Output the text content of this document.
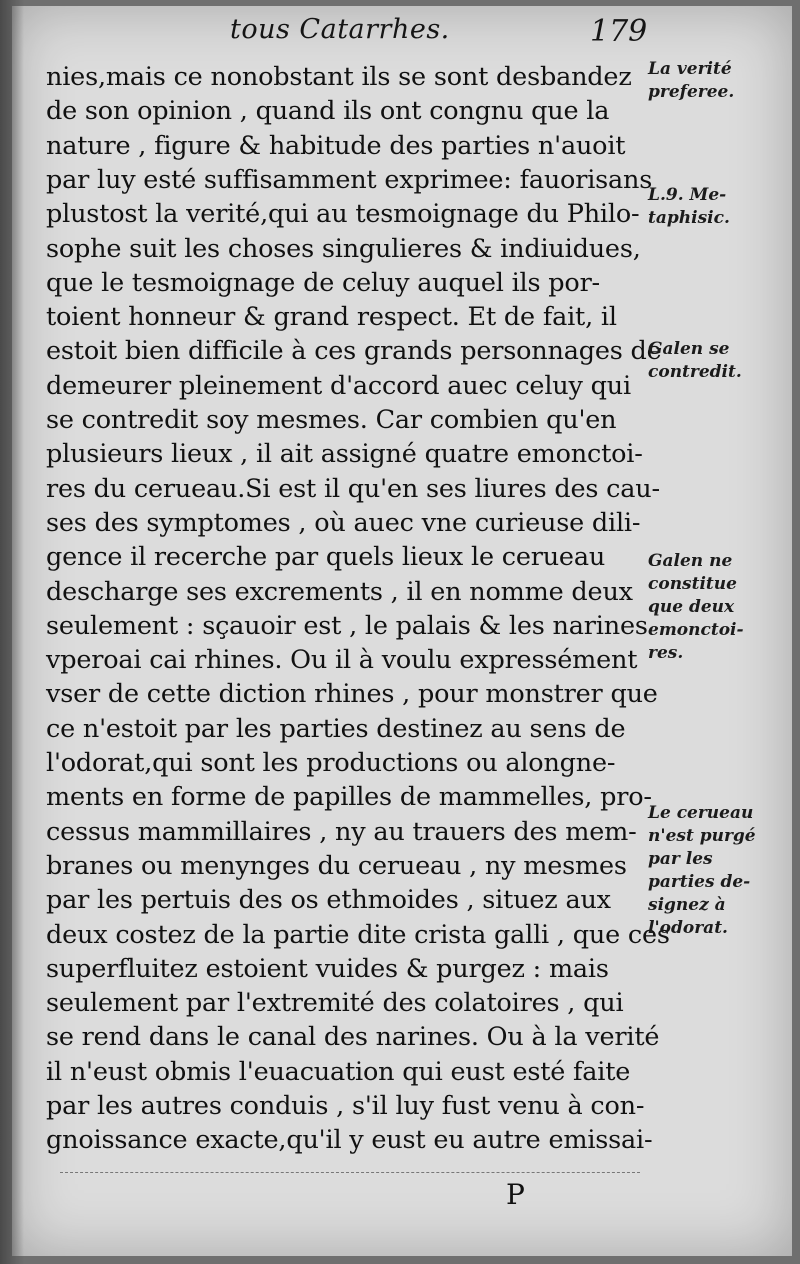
tous Catarrhes.	179
nies,mais ce nonobstant ils se sont desbandez
de son opinion , quand ils ont congnu que la
nature , figure & habitude des parties n'auoit
par luy esté suffisamment exprimee: fauorisans
plustost la verité,qui au tesmoignage du Philo-
sophe suit les choses singulieres & indiuidues,
que le tesmoignage de celuy auquel ils por-
toient honneur & grand respect. Et de fait, il
estoit bien difficile à ces grands personnages de
demeurer pleinement d'accord auec celuy qui
se contredit soy mesmes. Car combien qu'en
plusieurs lieux , il ait assigné quatre emonctoi-
res du cerueau.Si est il qu'en ses liures des cau-
ses des symptomes , où auec vne curieuse dili-
gence il recerche par quels lieux le cerueau
descharge ses excrements , il en nomme deux
seulement : sçauoir est , le palais & les narines
vperoai cai rhines. Ou il à voulu expressément
vser de cette diction rhines , pour monstrer que
ce n'estoit par les parties destinez au sens de
l'odorat,qui sont les productions ou alongne-
ments en forme de papilles de mammelles, pro-
cessus mammillaires , ny au trauers des mem-
branes ou menynges du cerueau , ny mesmes
par les pertuis des os ethmoides , situez aux
deux costez de la partie dite crista galli , que ces
superfluitez estoient vuides & purgez : mais
seulement par l'extremité des colatoires , qui
se rend dans le canal des narines. Ou à la verité
il n'eust obmis l'euacuation qui eust esté faite
par les autres conduis , s'il luy fust venu à con-
gnoissance exacte,qu'il y eust eu autre emissai-
La verité
preferee.
L.9. Me-
taphisic.
Galen se
contredit.
Galen ne
constitue
que deux
emonctoi-
res.
Le cerueau
n'est purgé
par les
parties de-
signez à
l'odorat.
P
